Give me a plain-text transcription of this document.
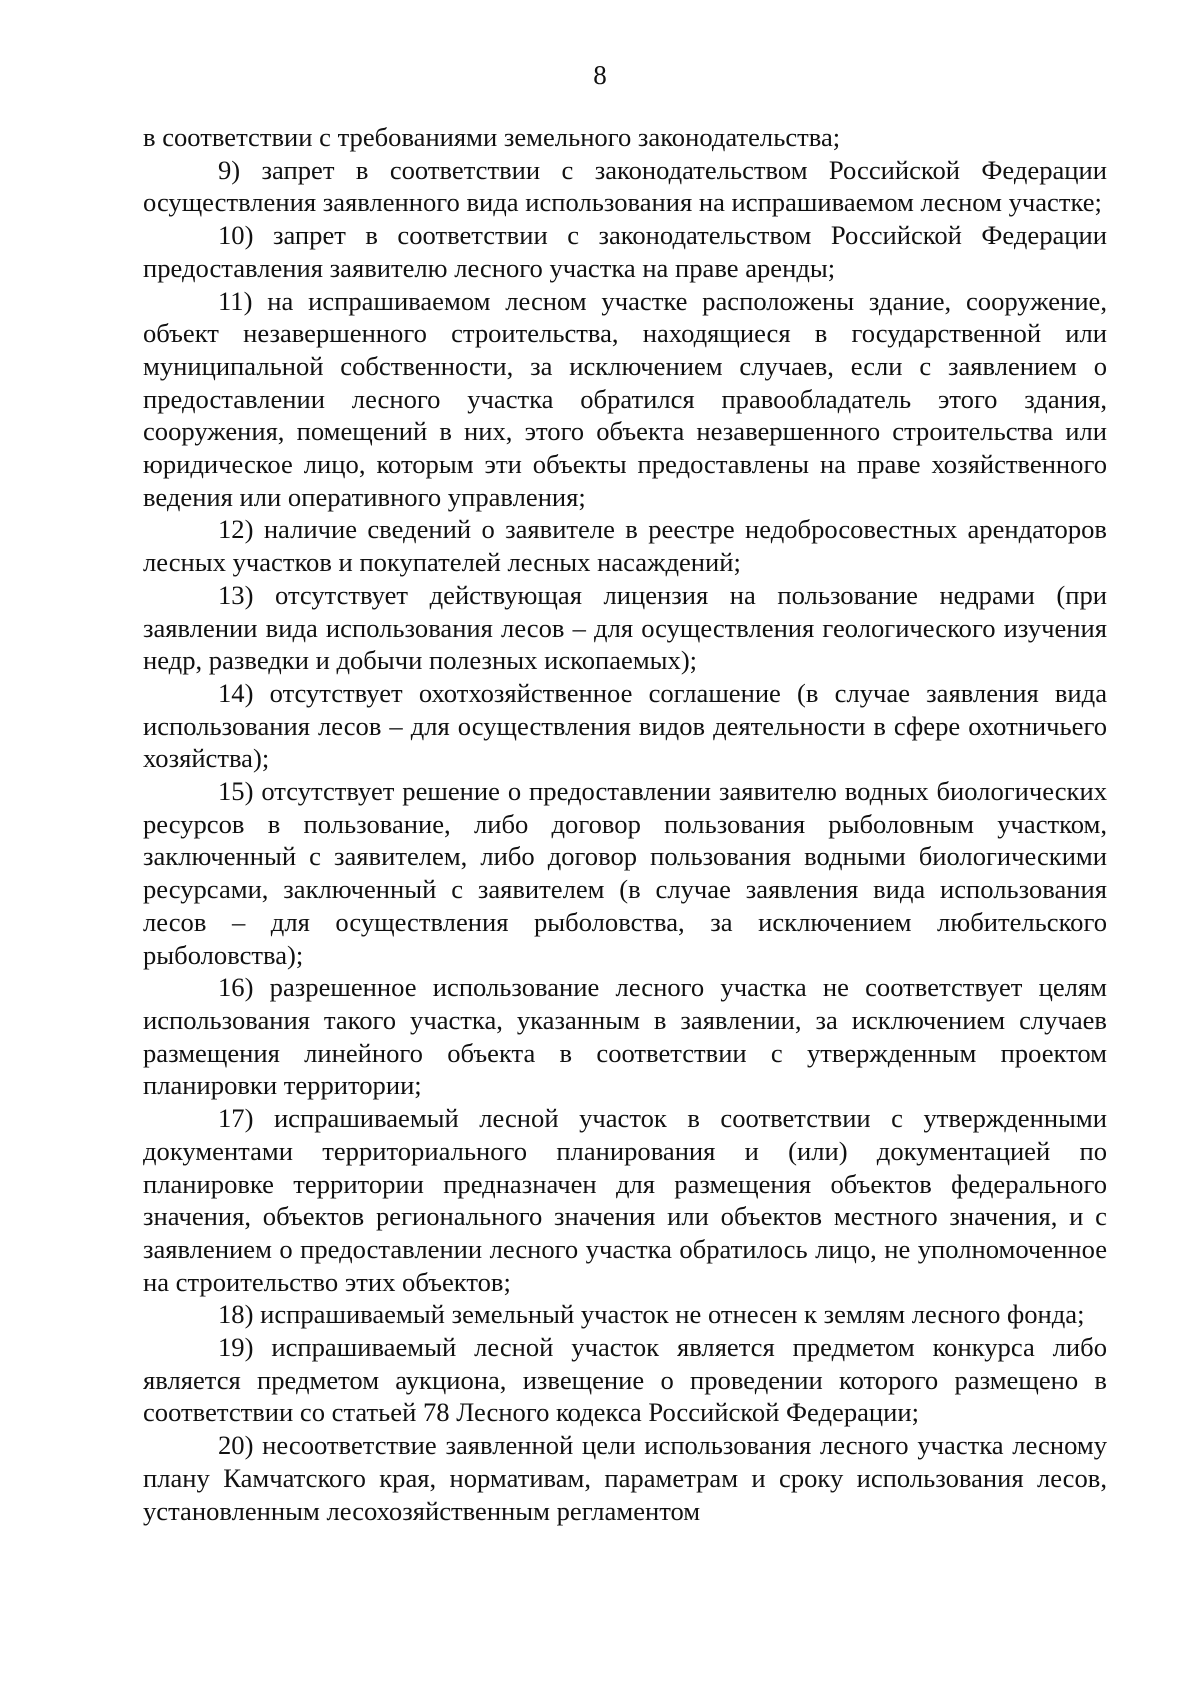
8

в соответствии с требованиями земельного законодательства;

9) запрет в соответствии с законодательством Российской Федерации осуществления заявленного вида использования на испрашиваемом лесном участке;

10) запрет в соответствии с законодательством Российской Федерации предоставления заявителю лесного участка на праве аренды;

11) на испрашиваемом лесном участке расположены здание, сооружение, объект незавершенного строительства, находящиеся в государственной или муниципальной собственности, за исключением случаев, если с заявлением о предоставлении лесного участка обратился правообладатель этого здания, сооружения, помещений в них, этого объекта незавершенного строительства или юридическое лицо, которым эти объекты предоставлены на праве хозяйственного ведения или оперативного управления;

12) наличие сведений о заявителе в реестре недобросовестных арендаторов лесных участков и покупателей лесных насаждений;

13) отсутствует действующая лицензия на пользование недрами (при заявлении вида использования лесов – для осуществления геологического изучения недр, разведки и добычи полезных ископаемых);

14) отсутствует охотхозяйственное соглашение (в случае заявления вида использования лесов – для осуществления видов деятельности в сфере охотничьего хозяйства);

15) отсутствует решение о предоставлении заявителю водных биологических ресурсов в пользование, либо договор пользования рыболовным участком, заключенный с заявителем, либо договор пользования водными биологическими ресурсами, заключенный с заявителем (в случае заявления вида использования лесов – для осуществления рыболовства, за исключением любительского рыболовства);

16) разрешенное использование лесного участка не соответствует целям использования такого участка, указанным в заявлении, за исключением случаев размещения линейного объекта в соответствии с утвержденным проектом планировки территории;

17) испрашиваемый лесной участок в соответствии с утвержденными документами территориального планирования и (или) документацией по планировке территории предназначен для размещения объектов федерального значения, объектов регионального значения или объектов местного значения, и с заявлением о предоставлении лесного участка обратилось лицо, не уполномоченное на строительство этих объектов;

18) испрашиваемый земельный участок не отнесен к землям лесного фонда;

19) испрашиваемый лесной участок является предметом конкурса либо является предметом аукциона, извещение о проведении которого размещено в соответствии со статьей 78 Лесного кодекса Российской Федерации;

20) несоответствие заявленной цели использования лесного участка лесному плану Камчатского края, нормативам, параметрам и сроку использования лесов, установленным лесохозяйственным регламентом
